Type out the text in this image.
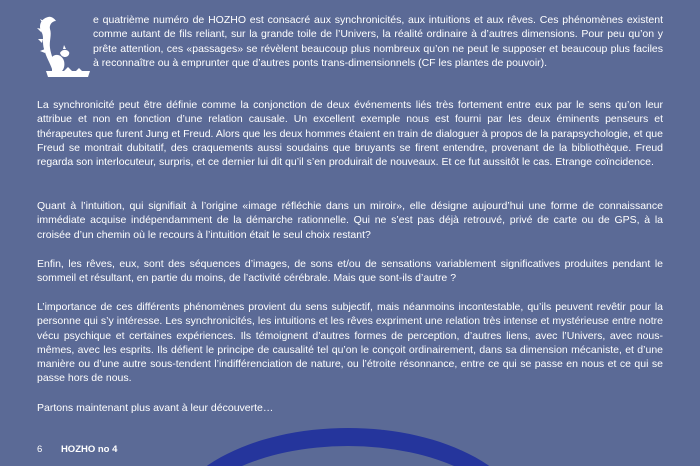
e quatrième numéro de HOZHO est consacré aux synchronicités, aux intuitions et aux rêves. Ces phénomènes existent comme autant de fils reliant, sur la grande toile de l’Univers, la réalité ordinaire à d’autres dimensions. Pour peu qu’on y prête attention, ces «passages» se révèlent beaucoup plus nombreux qu’on ne peut le supposer et beaucoup plus faciles à reconnaître ou à emprunter que d’autres ponts trans-dimensionnels (CF les plantes de pouvoir).

La synchronicité peut être définie comme la conjonction de deux événements liés très fortement entre eux par le sens qu’on leur attribue et non en fonction d’une relation causale. Un excellent exemple nous est fourni par les deux éminents penseurs et thérapeutes que furent Jung et Freud. Alors que les deux hommes étaient en train de dialoguer à propos de la parapsychologie, et que Freud se montrait dubitatif, des craquements aussi soudains que bruyants se firent entendre, provenant de la bibliothèque. Freud regarda son interlocuteur, surpris, et ce dernier lui dit qu’il s’en produirait de nouveaux. Et ce fut aussitôt le cas. Etrange coïncidence.

Quant à l’intuition, qui signifiait à l’origine «image réfléchie dans un miroir», elle désigne aujourd’hui une forme de connaissance immédiate acquise indépendamment de la démarche rationnelle. Qui ne s’est pas déjà retrouvé, privé de carte ou de GPS, à la croisée d’un chemin où le recours à l’intuition était le seul choix restant?

Enfin, les rêves, eux, sont des séquences d’images, de sons et/ou de sensations variablement significatives produites pendant le sommeil et résultant, en partie du moins, de l’activité cérébrale. Mais que sont-ils d’autre ?

L’importance de ces différents phénomènes provient du sens subjectif, mais néanmoins incontestable, qu’ils peuvent revêtir pour la personne qui s’y intéresse. Les synchronicités, les intuitions et les rêves expriment une relation très intense et mystérieuse entre notre vécu psychique et certaines expériences. Ils témoignent d’autres formes de perception, d’autres liens, avec l’Univers, avec nous-mêmes, avec les esprits. Ils défient le principe de causalité tel qu’on le conçoit ordinairement, dans sa dimension mécaniste, et d’une manière ou d’une autre sous-tendent l’indifférenciation de nature, ou l’étroite résonnance, entre ce qui se passe en nous et ce qui se passe hors de nous.

Partons maintenant plus avant à leur découverte…

6 HOZHO no 4
